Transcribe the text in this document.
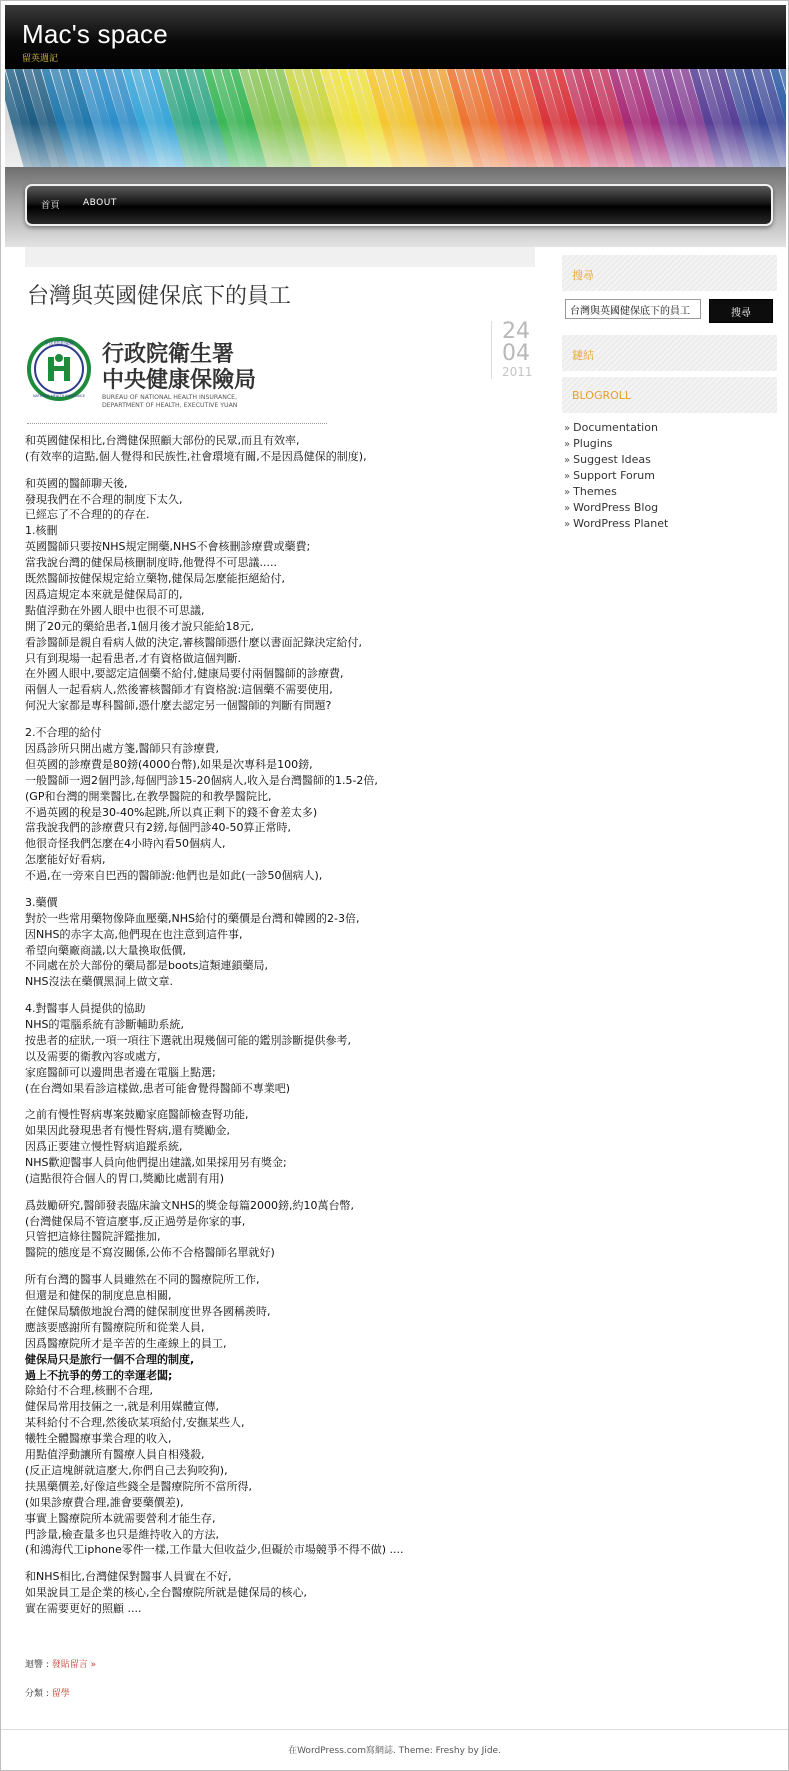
Mac's space
留英週記
首頁	ABOUT
台灣與英國健保底下的員工
24
04
2011
全民健康保險
NATIONAL HEALTH INSURANCE
行政院衛生署
中央健康保險局
BUREAU OF NATIONAL HEALTH INSURANCE,
DEPARTMENT OF HEALTH, EXECUTIVE YUAN

和英國健保相比,台灣健保照顧大部份的民眾,而且有效率,
(有效率的這點,個人覺得和民族性,社會環境有關,不是因爲健保的制度),

和英國的醫師聊天後,
發現我們在不合理的制度下太久,
已經忘了不合理的的存在.
1.核刪
英國醫師只要按NHS規定開藥,NHS不會核刪診療費或藥費;
當我說台灣的健保局核刪制度時,他覺得不可思議.....
既然醫師按健保規定給立藥物,健保局怎麼能拒絕給付,
因爲這規定本來就是健保局訂的,
點值浮動在外國人眼中也很不可思議,
開了20元的藥給患者,1個月後才說只能給18元,
看診醫師是親自看病人做的決定,審核醫師憑什麼以書面記錄決定給付,
只有到現場一起看患者,才有資格做這個判斷.
在外國人眼中,要認定這個藥不給付,健康局要付兩個醫師的診療費,
兩個人一起看病人,然後審核醫師才有資格說:這個藥不需要使用,
何況大家都是專科醫師,憑什麼去認定另一個醫師的判斷有問題?

2.不合理的給付
因爲診所只開出處方箋,醫師只有診療費,
但英國的診療費是80鎊(4000台幣),如果是次專科是100鎊,
一般醫師一週2個門診,每個門診15-20個病人,收入是台灣醫師的1.5-2倍,
(GP和台灣的開業醫比,在教學醫院的和教學醫院比,
不過英國的稅是30-40%起跳,所以真正剩下的錢不會差太多)
當我說我們的診療費只有2鎊,每個門診40-50算正常時,
他很奇怪我們怎麼在4小時內看50個病人,
怎麼能好好看病,
不過,在一旁來自巴西的醫師說:他們也是如此(一診50個病人),

3.藥價
對於一些常用藥物像降血壓藥,NHS給付的藥價是台灣和韓國的2-3倍,
因NHS的赤字太高,他們現在也注意到這件事,
希望向藥廠商議,以大量換取低價,
不同處在於大部份的藥局都是boots這類連鎖藥局,
NHS沒法在藥價黑洞上做文章.

4.對醫事人員提供的協助
NHS的電腦系統有診斷輔助系統,
按患者的症狀,一項一項往下選就出現幾個可能的鑑別診斷提供參考,
以及需要的衛教內容或處方,
家庭醫師可以邊問患者邊在電腦上點選;
(在台灣如果看診這樣做,患者可能會覺得醫師不專業吧)

之前有慢性腎病專案鼓勵家庭醫師檢查腎功能,
如果因此發現患者有慢性腎病,還有獎勵金,
因爲正要建立慢性腎病追蹤系統,
NHS歡迎醫事人員向他們提出建議,如果採用另有獎金;
(這點很符合個人的胃口,獎勵比處罰有用)

爲鼓勵研究,醫師發表臨床論文NHS的獎金每篇2000鎊,約10萬台幣,
(台灣健保局不管這麼事,反正過勞是你家的事,
只管把這條往醫院評鑑推加,
醫院的態度是不寫沒關係,公佈不合格醫師名單就好)

所有台灣的醫事人員雖然在不同的醫療院所工作,
但還是和健保的制度息息相關,
在健保局驕傲地說台灣的健保制度世界各國稱羨時,
應該要感謝所有醫療院所和從業人員,
因爲醫療院所才是辛苦的生產線上的員工,
健保局只是旅行一個不合理的制度,
過上不抗爭的勞工的幸運老闆;
除給付不合理,核刪不合理,
健保局常用技倆之一,就是利用媒體宣傳,
某科給付不合理,然後砍某項給付,安撫某些人,
犧牲全體醫療事業合理的收入,
用點值浮動讓所有醫療人員自相殘殺,
(反正這塊餅就這麼大,你們自己去狗咬狗),
扶黑藥價差,好像這些錢全是醫療院所不當所得,
(如果診療費合理,誰會要藥價差),
事實上醫療院所本就需要營利才能生存,
門診量,檢查量多也只是維持收入的方法,
(和鴻海代工iphone零件一樣,工作量大但收益少,但礙於市場競爭不得不做) ....

和NHS相比,台灣健保對醫事人員實在不好,
如果說員工是企業的核心,全台醫療院所就是健保局的核心,
實在需要更好的照顧 ....

迴響 : 發貼留言 »
分類 : 留學
搜尋
台灣與英國健保底下的員工
搜尋
鏈結
BLOGROLL
» Documentation
» Plugins
» Suggest Ideas
» Support Forum
» Themes
» WordPress Blog
» WordPress Planet
在WordPress.com寫網誌. Theme: Freshy by Jide.
